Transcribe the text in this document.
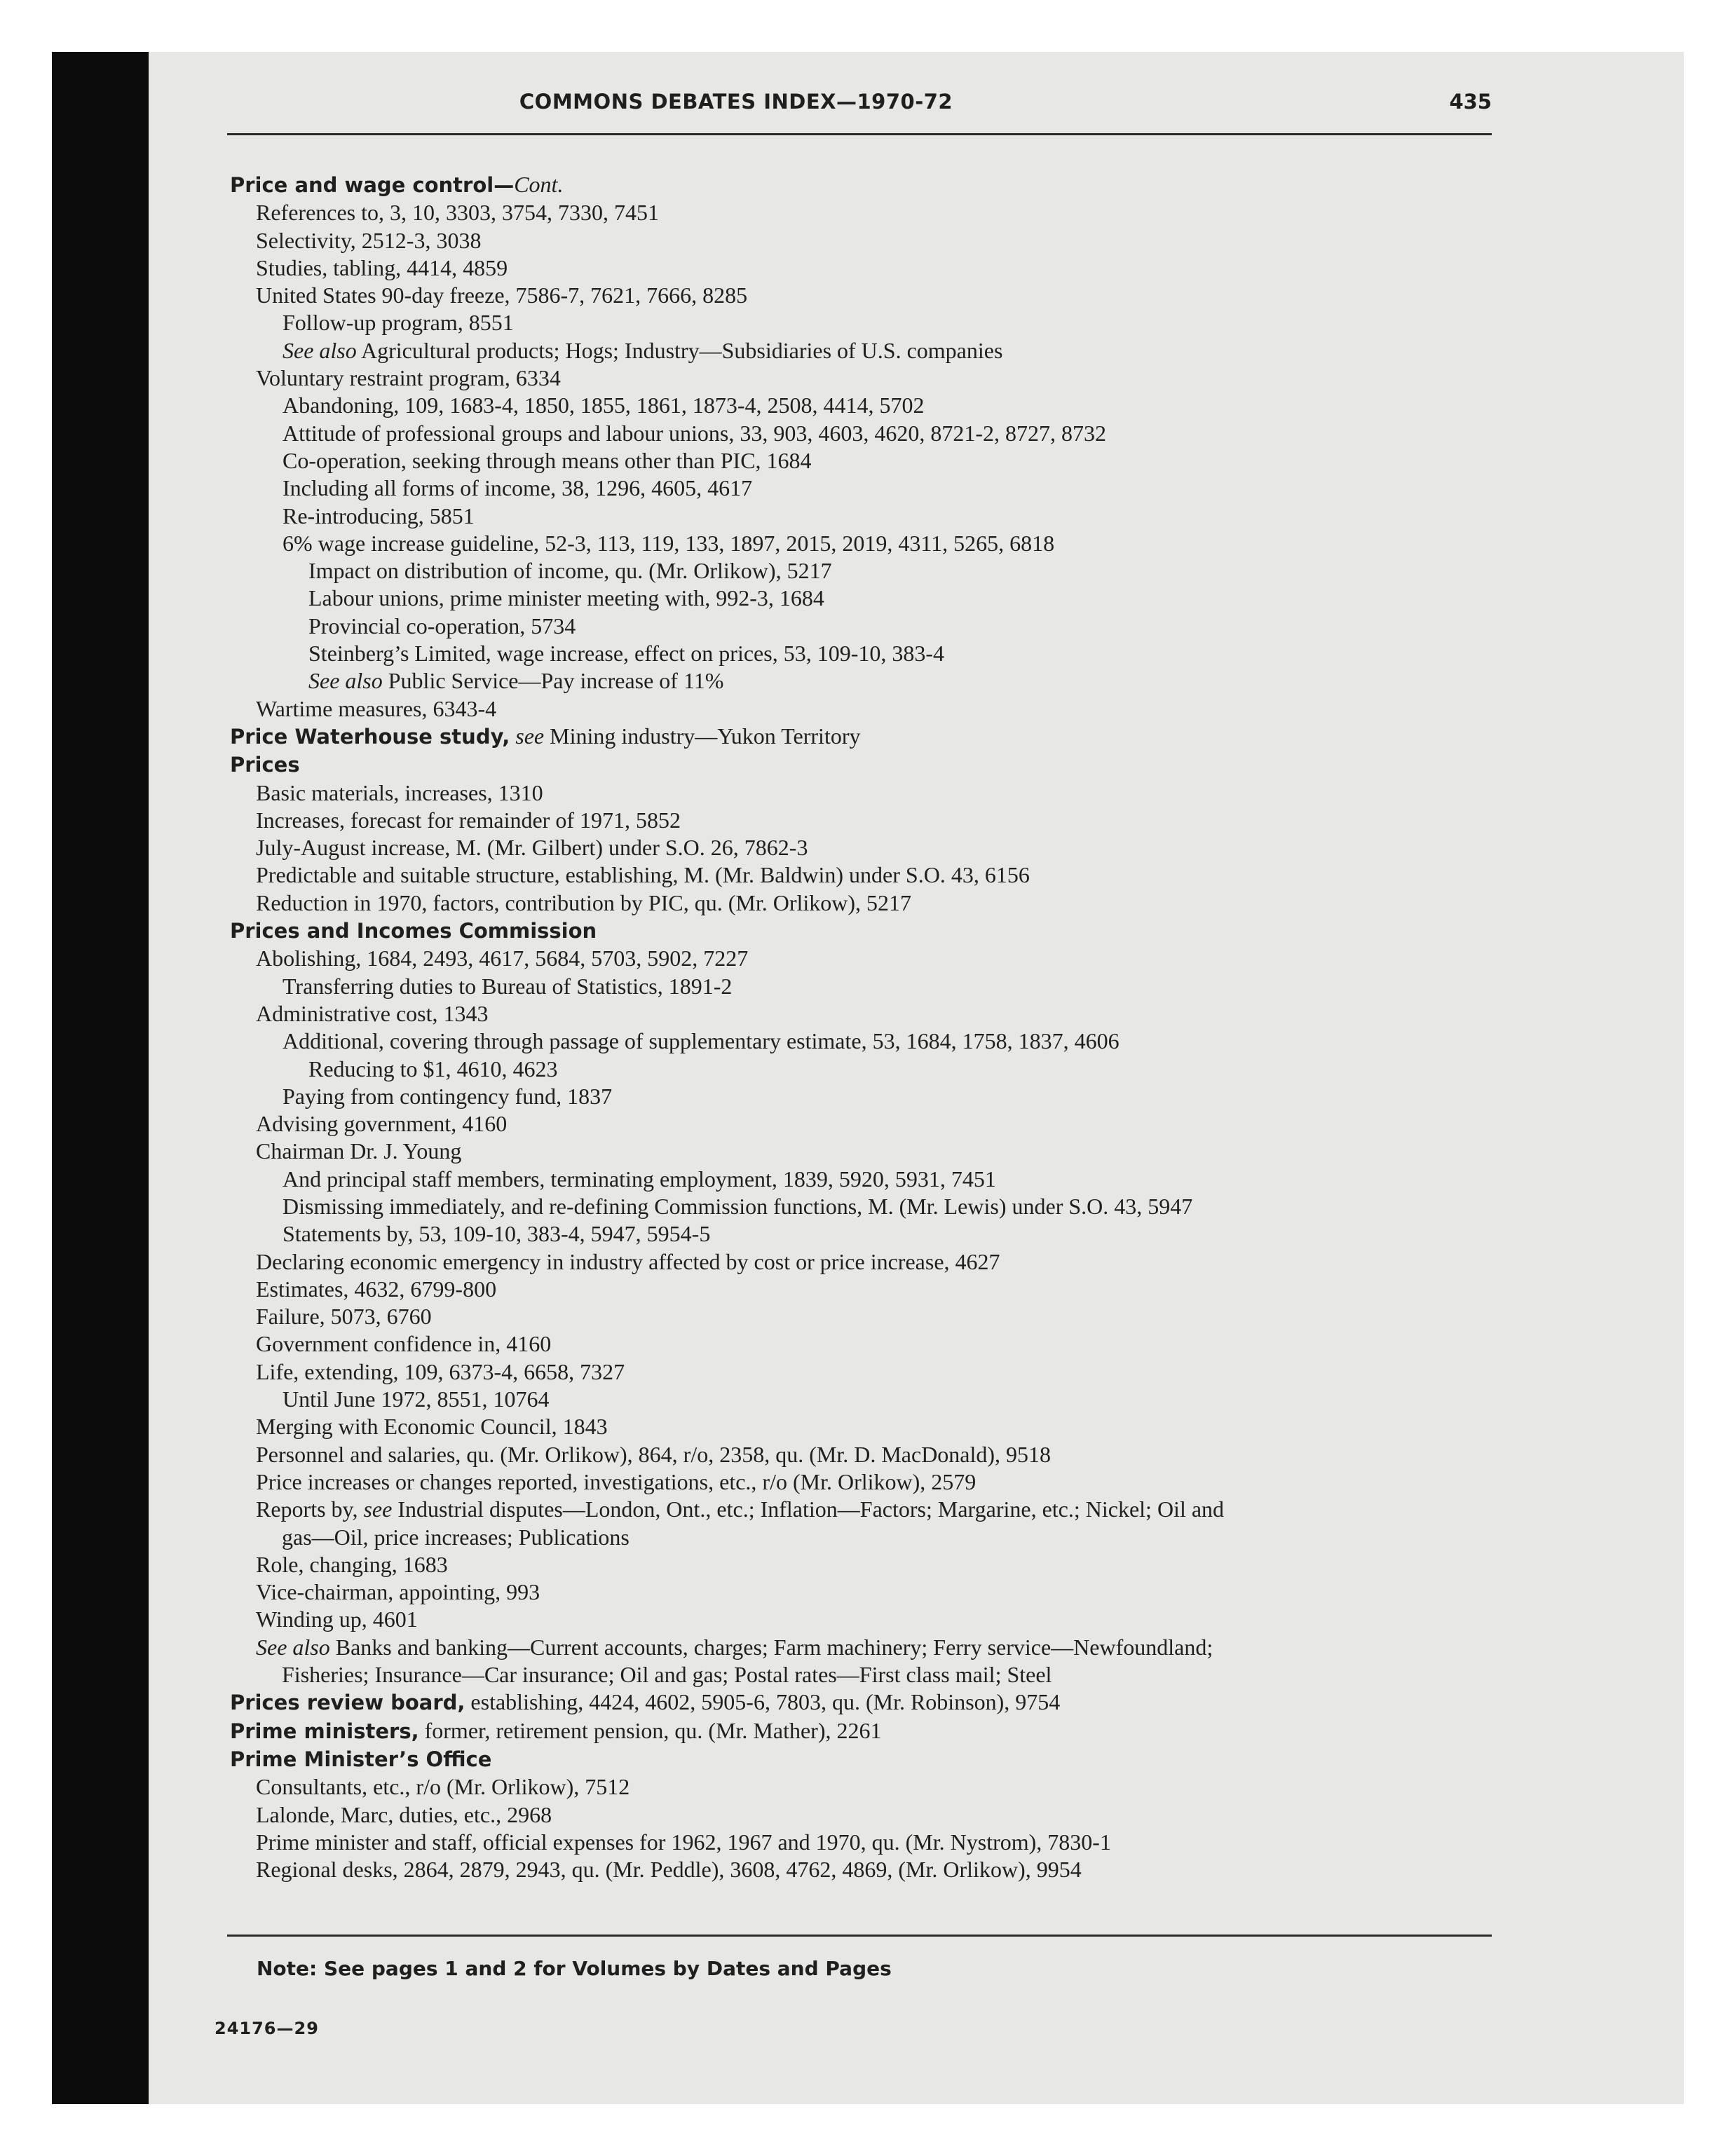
COMMONS DEBATES INDEX—1970-72	435
Price and wage control—Cont.
References to, 3, 10, 3303, 3754, 7330, 7451
Selectivity, 2512-3, 3038
Studies, tabling, 4414, 4859
United States 90-day freeze, 7586-7, 7621, 7666, 8285
Follow-up program, 8551
See also Agricultural products; Hogs; Industry—Subsidiaries of U.S. companies
Voluntary restraint program, 6334
Abandoning, 109, 1683-4, 1850, 1855, 1861, 1873-4, 2508, 4414, 5702
Attitude of professional groups and labour unions, 33, 903, 4603, 4620, 8721-2, 8727, 8732
Co-operation, seeking through means other than PIC, 1684
Including all forms of income, 38, 1296, 4605, 4617
Re-introducing, 5851
6% wage increase guideline, 52-3, 113, 119, 133, 1897, 2015, 2019, 4311, 5265, 6818
Impact on distribution of income, qu. (Mr. Orlikow), 5217
Labour unions, prime minister meeting with, 992-3, 1684
Provincial co-operation, 5734
Steinberg’s Limited, wage increase, effect on prices, 53, 109-10, 383-4
See also Public Service—Pay increase of 11%
Wartime measures, 6343-4
Price Waterhouse study, see Mining industry—Yukon Territory
Prices
Basic materials, increases, 1310
Increases, forecast for remainder of 1971, 5852
July-August increase, M. (Mr. Gilbert) under S.O. 26, 7862-3
Predictable and suitable structure, establishing, M. (Mr. Baldwin) under S.O. 43, 6156
Reduction in 1970, factors, contribution by PIC, qu. (Mr. Orlikow), 5217
Prices and Incomes Commission
Abolishing, 1684, 2493, 4617, 5684, 5703, 5902, 7227
Transferring duties to Bureau of Statistics, 1891-2
Administrative cost, 1343
Additional, covering through passage of supplementary estimate, 53, 1684, 1758, 1837, 4606
Reducing to $1, 4610, 4623
Paying from contingency fund, 1837
Advising government, 4160
Chairman Dr. J. Young
And principal staff members, terminating employment, 1839, 5920, 5931, 7451
Dismissing immediately, and re-defining Commission functions, M. (Mr. Lewis) under S.O. 43, 5947
Statements by, 53, 109-10, 383-4, 5947, 5954-5
Declaring economic emergency in industry affected by cost or price increase, 4627
Estimates, 4632, 6799-800
Failure, 5073, 6760
Government confidence in, 4160
Life, extending, 109, 6373-4, 6658, 7327
Until June 1972, 8551, 10764
Merging with Economic Council, 1843
Personnel and salaries, qu. (Mr. Orlikow), 864, r/o, 2358, qu. (Mr. D. MacDonald), 9518
Price increases or changes reported, investigations, etc., r/o (Mr. Orlikow), 2579
Reports by, see Industrial disputes—London, Ont., etc.; Inflation—Factors; Margarine, etc.; Nickel; Oil and
gas—Oil, price increases; Publications
Role, changing, 1683
Vice-chairman, appointing, 993
Winding up, 4601
See also Banks and banking—Current accounts, charges; Farm machinery; Ferry service—Newfoundland;
Fisheries; Insurance—Car insurance; Oil and gas; Postal rates—First class mail; Steel
Prices review board, establishing, 4424, 4602, 5905-6, 7803, qu. (Mr. Robinson), 9754
Prime ministers, former, retirement pension, qu. (Mr. Mather), 2261
Prime Minister’s Office
Consultants, etc., r/o (Mr. Orlikow), 7512
Lalonde, Marc, duties, etc., 2968
Prime minister and staff, official expenses for 1962, 1967 and 1970, qu. (Mr. Nystrom), 7830-1
Regional desks, 2864, 2879, 2943, qu. (Mr. Peddle), 3608, 4762, 4869, (Mr. Orlikow), 9954
Note: See pages 1 and 2 for Volumes by Dates and Pages
24176—29
